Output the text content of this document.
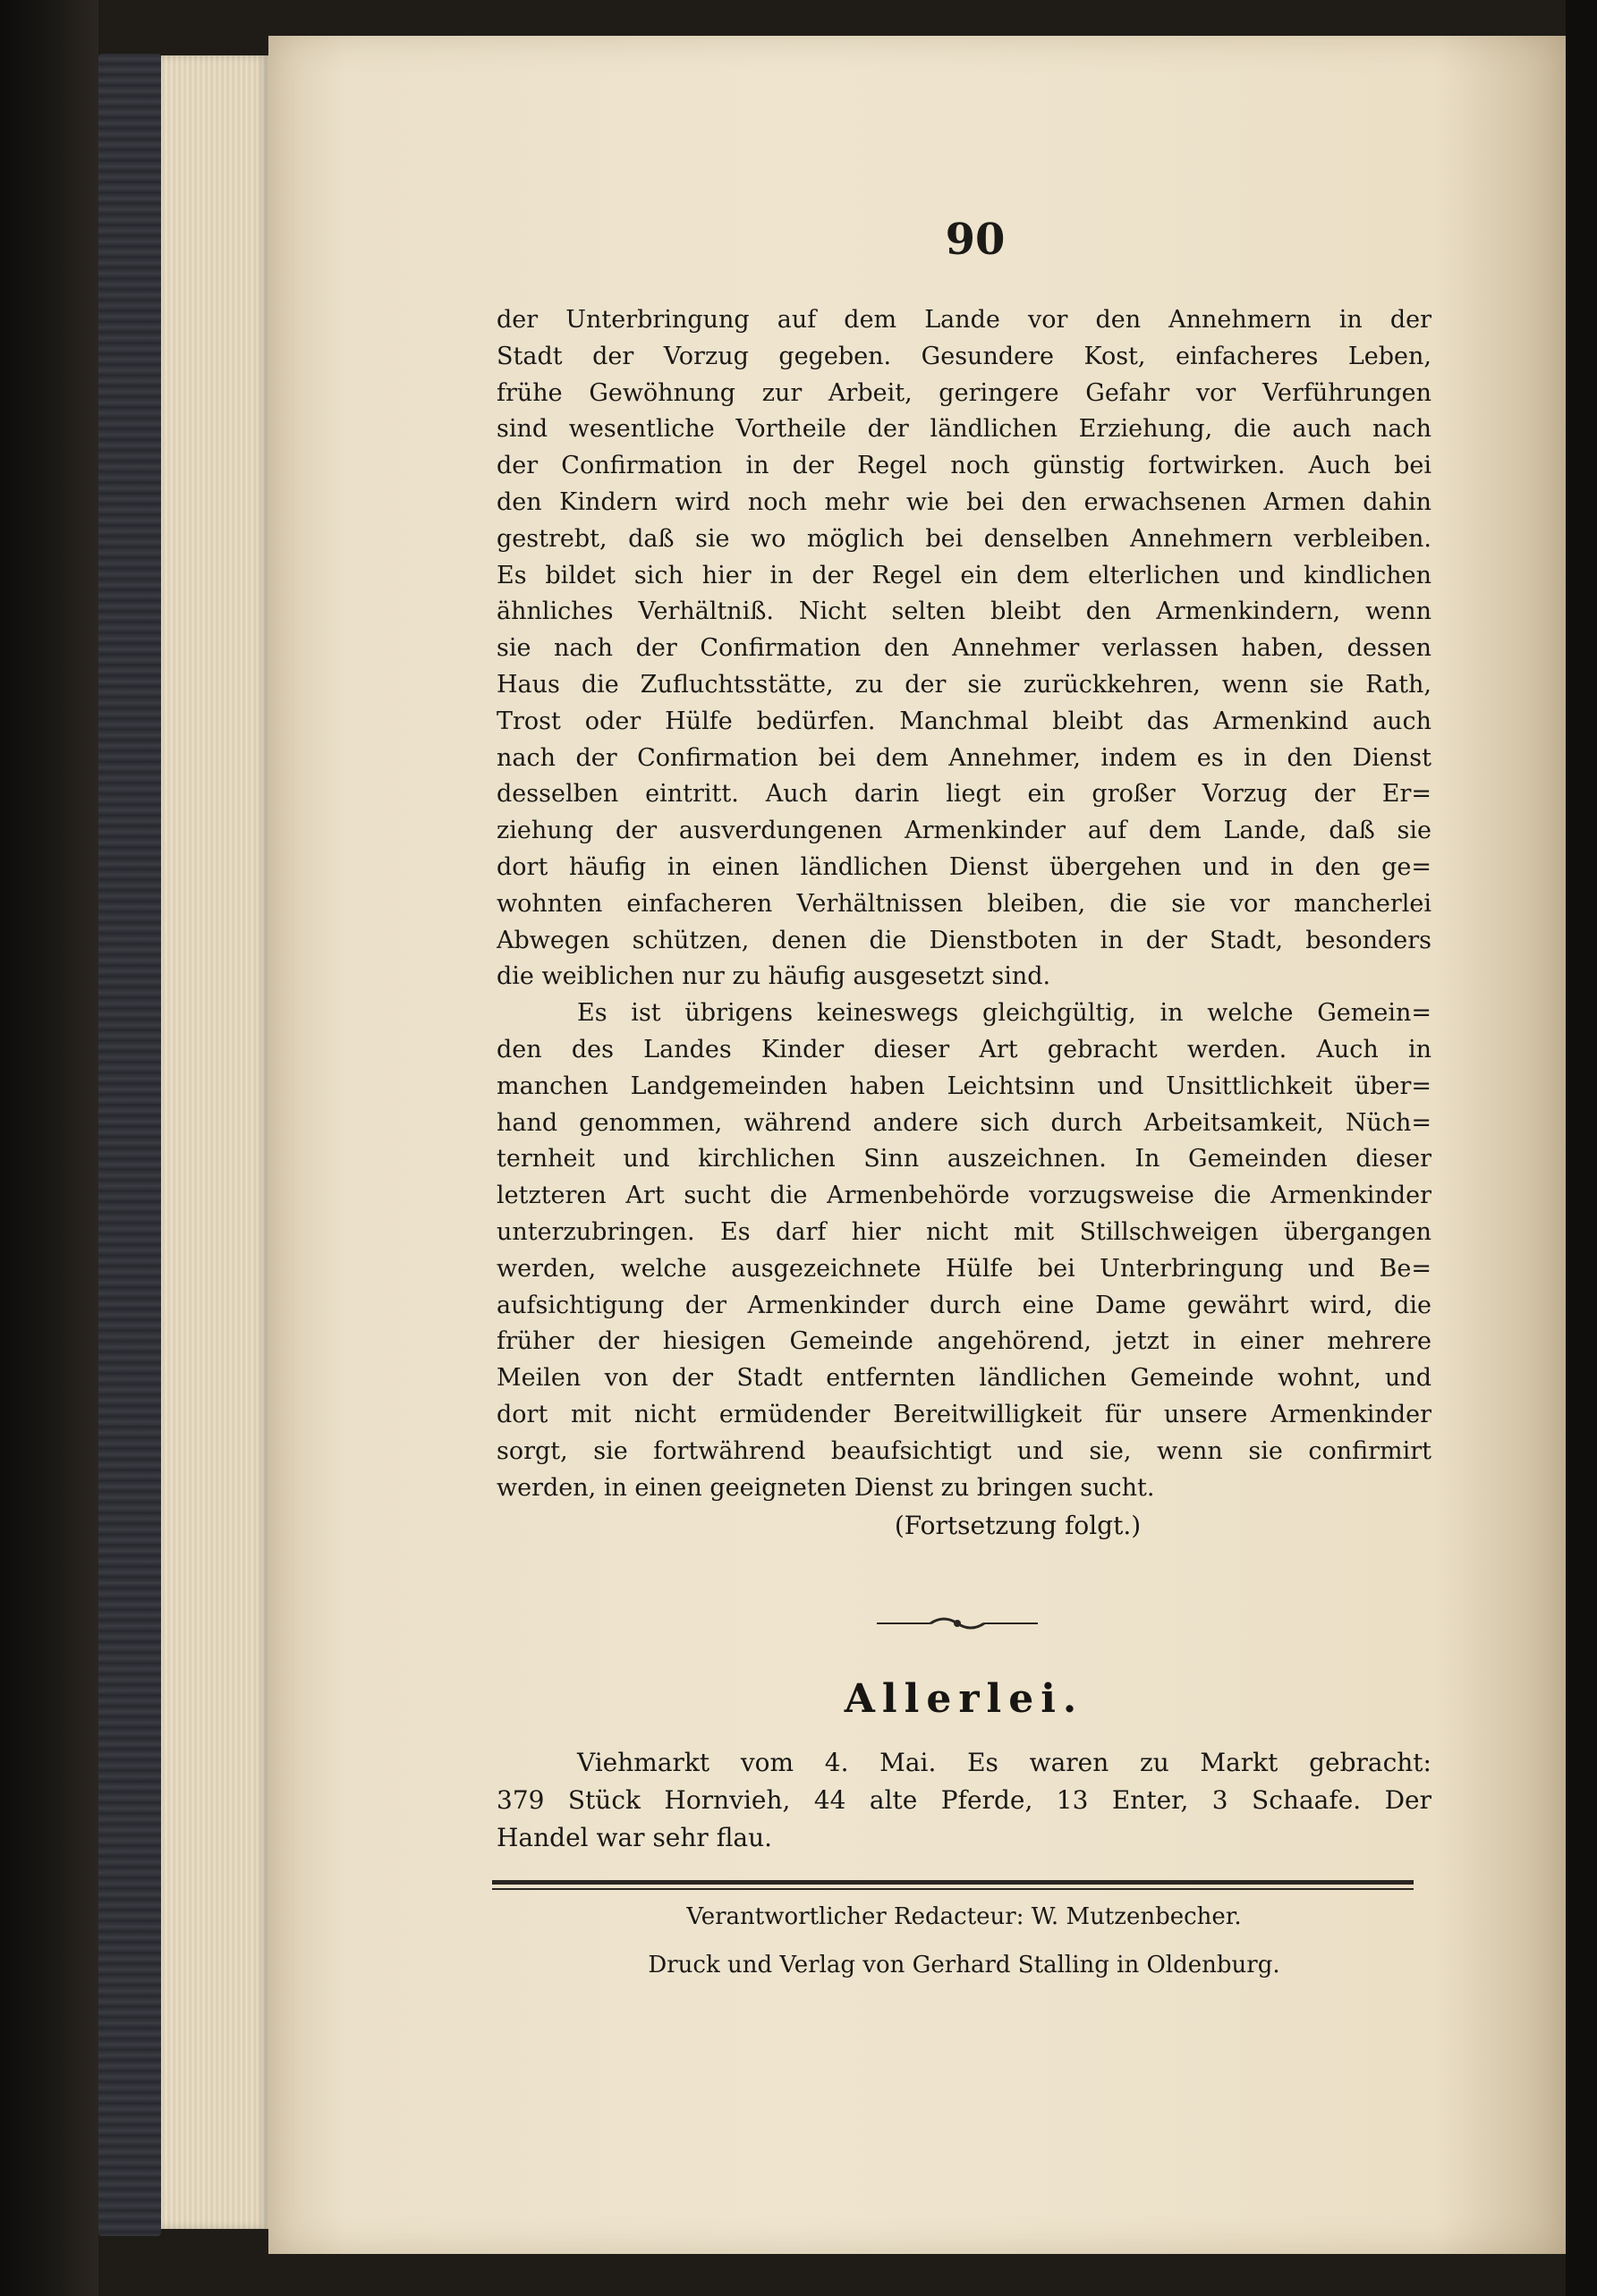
90
der Unterbringung auf dem Lande vor den Annehmern in der
Stadt der Vorzug gegeben. Gesundere Kost, einfacheres Leben,
frühe Gewöhnung zur Arbeit, geringere Gefahr vor Verführungen
sind wesentliche Vortheile der ländlichen Erziehung, die auch nach
der Confirmation in der Regel noch günstig fortwirken. Auch bei
den Kindern wird noch mehr wie bei den erwachsenen Armen dahin
gestrebt, daß sie wo möglich bei denselben Annehmern verbleiben.
Es bildet sich hier in der Regel ein dem elterlichen und kindlichen
ähnliches Verhältniß. Nicht selten bleibt den Armenkindern, wenn
sie nach der Confirmation den Annehmer verlassen haben, dessen
Haus die Zufluchtsstätte, zu der sie zurückkehren, wenn sie Rath,
Trost oder Hülfe bedürfen. Manchmal bleibt das Armenkind auch
nach der Confirmation bei dem Annehmer, indem es in den Dienst
desselben eintritt. Auch darin liegt ein großer Vorzug der Er=
ziehung der ausverdungenen Armenkinder auf dem Lande, daß sie
dort häufig in einen ländlichen Dienst übergehen und in den ge=
wohnten einfacheren Verhältnissen bleiben, die sie vor mancherlei
Abwegen schützen, denen die Dienstboten in der Stadt, besonders
die weiblichen nur zu häufig ausgesetzt sind.
Es ist übrigens keineswegs gleichgültig, in welche Gemein=
den des Landes Kinder dieser Art gebracht werden. Auch in
manchen Landgemeinden haben Leichtsinn und Unsittlichkeit über=
hand genommen, während andere sich durch Arbeitsamkeit, Nüch=
ternheit und kirchlichen Sinn auszeichnen. In Gemeinden dieser
letzteren Art sucht die Armenbehörde vorzugsweise die Armenkinder
unterzubringen. Es darf hier nicht mit Stillschweigen übergangen
werden, welche ausgezeichnete Hülfe bei Unterbringung und Be=
aufsichtigung der Armenkinder durch eine Dame gewährt wird, die
früher der hiesigen Gemeinde angehörend, jetzt in einer mehrere
Meilen von der Stadt entfernten ländlichen Gemeinde wohnt, und
dort mit nicht ermüdender Bereitwilligkeit für unsere Armenkinder
sorgt, sie fortwährend beaufsichtigt und sie, wenn sie confirmirt
werden, in einen geeigneten Dienst zu bringen sucht.
(Fortsetzung folgt.)
Allerlei.
Viehmarkt vom 4. Mai. Es waren zu Markt gebracht:
379 Stück Hornvieh, 44 alte Pferde, 13 Enter, 3 Schaafe. Der
Handel war sehr flau.
Verantwortlicher Redacteur: W. Mutzenbecher.
Druck und Verlag von Gerhard Stalling in Oldenburg.
